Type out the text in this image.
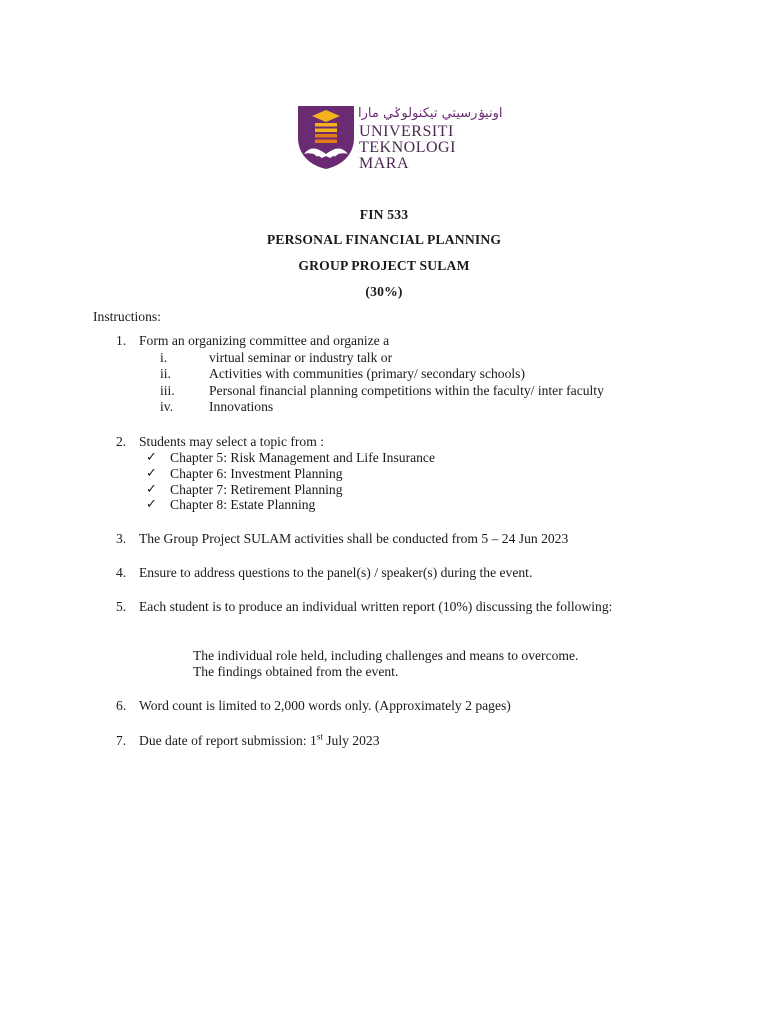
اونيۏرسيتي تيکنولوݢي مارا
UNIVERSITI
TEKNOLOGI
MARA
FIN 533
PERSONAL FINANCIAL PLANNING
GROUP PROJECT SULAM
(30%)
Instructions:
1. Form an organizing committee and organize a
i.	virtual seminar or industry talk or
ii.	Activities with communities (primary/ secondary schools)
iii.	Personal financial planning competitions within the faculty/ inter faculty
iv.	Innovations
2. Students may select a topic from :
✓ Chapter 5: Risk Management and Life Insurance
✓ Chapter 6: Investment Planning
✓ Chapter 7: Retirement Planning
✓ Chapter 8: Estate Planning
3. The Group Project SULAM activities shall be conducted from 5 – 24 Jun 2023
4. Ensure to address questions to the panel(s) / speaker(s) during the event.
5. Each student is to produce an individual written report (10%) discussing the following:
The individual role held, including challenges and means to overcome.
The findings obtained from the event.
6. Word count is limited to 2,000 words only. (Approximately 2 pages)
7. Due date of report submission: 1st July 2023
